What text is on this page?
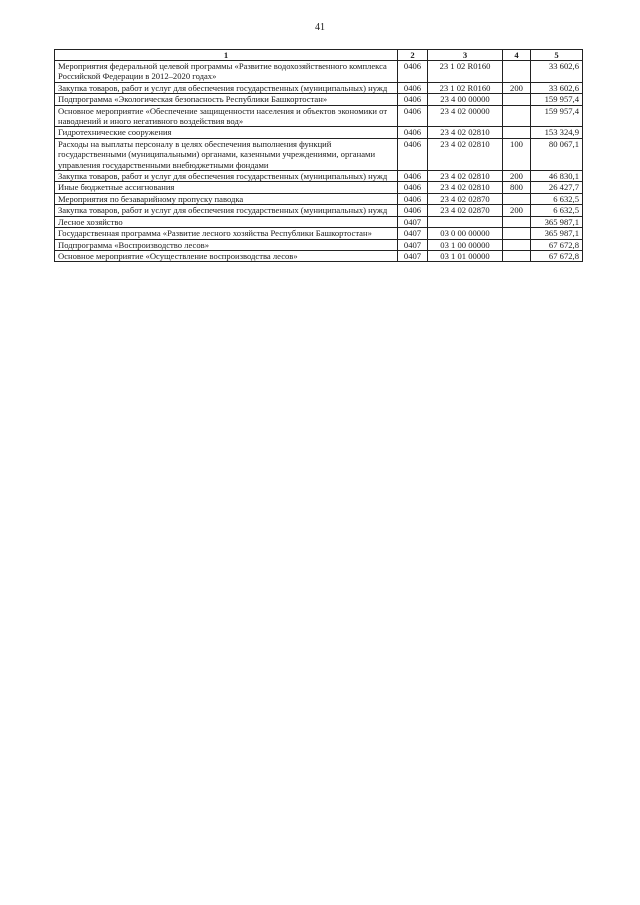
41
1	2	3	4	5
Мероприятия федеральной целевой программы «Развитие водохозяйственного комплекса Российской Федерации в 2012–2020 годах»	0406	23 1 02 R0160		33 602,6
Закупка товаров, работ и услуг для обеспечения государственных (муниципальных) нужд	0406	23 1 02 R0160	200	33 602,6
Подпрограмма «Экологическая безопасность Республики Башкортостан»	0406	23 4 00 00000		159 957,4
Основное мероприятие «Обеспечение защищенности населения и объектов экономики от наводнений и иного негативного воздействия вод»	0406	23 4 02 00000		159 957,4
Гидротехнические сооружения	0406	23 4 02 02810		153 324,9
Расходы на выплаты персоналу в целях обеспечения выполнения функций государственными (муниципальными) органами, казенными учреждениями, органами управления государственными внебюджетными фондами	0406	23 4 02 02810	100	80 067,1
Закупка товаров, работ и услуг для обеспечения государственных (муниципальных) нужд	0406	23 4 02 02810	200	46 830,1
Иные бюджетные ассигнования	0406	23 4 02 02810	800	26 427,7
Мероприятия по безаварийному пропуску паводка	0406	23 4 02 02870		6 632,5
Закупка товаров, работ и услуг для обеспечения государственных (муниципальных) нужд	0406	23 4 02 02870	200	6 632,5
Лесное хозяйство	0407			365 987,1
Государственная программа «Развитие лесного хозяйства Республики Башкортостан»	0407	03 0 00 00000		365 987,1
Подпрограмма «Воспроизводство лесов»	0407	03 1 00 00000		67 672,8
Основное мероприятие «Осуществление воспроизводства лесов»	0407	03 1 01 00000		67 672,8
